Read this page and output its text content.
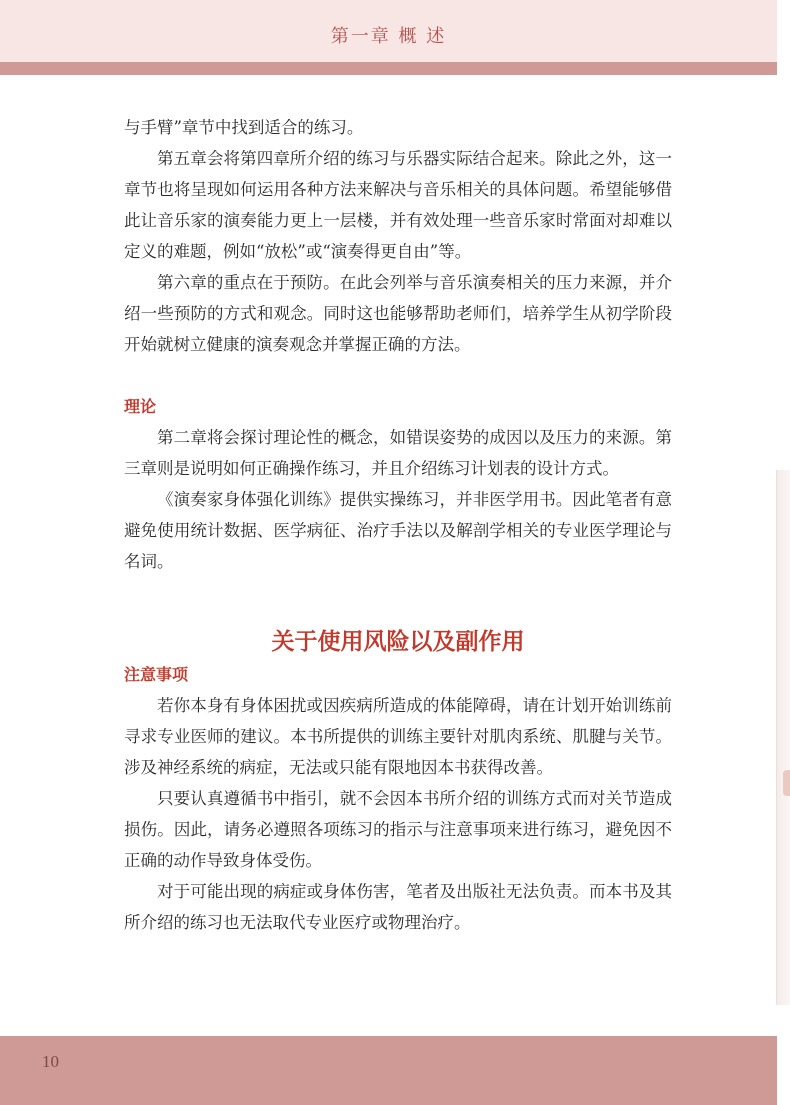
第一章 概 述

与手臂”章节中找到适合的练习。

第五章会将第四章所介绍的练习与乐器实际结合起来。除此之外，这一章节也将呈现如何运用各种方法来解决与音乐相关的具体问题。希望能够借此让音乐家的演奏能力更上一层楼，并有效处理一些音乐家时常面对却难以定义的难题，例如“放松”或“演奏得更自由”等。

第六章的重点在于预防。在此会列举与音乐演奏相关的压力来源，并介绍一些预防的方式和观念。同时这也能够帮助老师们，培养学生从初学阶段开始就树立健康的演奏观念并掌握正确的方法。

理论

第二章将会探讨理论性的概念，如错误姿势的成因以及压力的来源。第三章则是说明如何正确操作练习，并且介绍练习计划表的设计方式。

《演奏家身体强化训练》提供实操练习，并非医学用书。因此笔者有意避免使用统计数据、医学病征、治疗手法以及解剖学相关的专业医学理论与名词。

关于使用风险以及副作用

注意事项

若你本身有身体困扰或因疾病所造成的体能障碍，请在计划开始训练前寻求专业医师的建议。本书所提供的训练主要针对肌肉系统、肌腱与关节。涉及神经系统的病症，无法或只能有限地因本书获得改善。

只要认真遵循书中指引，就不会因本书所介绍的训练方式而对关节造成损伤。因此，请务必遵照各项练习的指示与注意事项来进行练习，避免因不正确的动作导致身体受伤。

对于可能出现的病症或身体伤害，笔者及出版社无法负责。而本书及其所介绍的练习也无法取代专业医疗或物理治疗。

10
